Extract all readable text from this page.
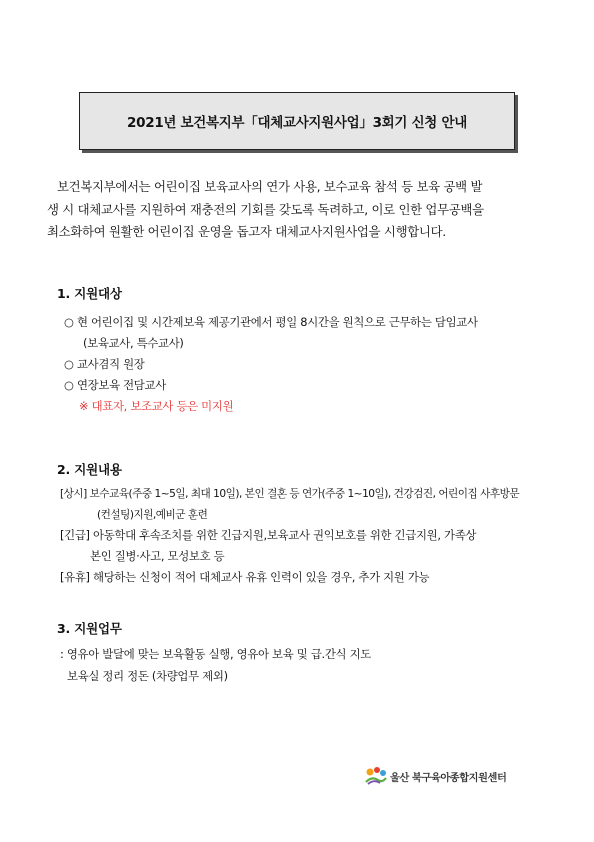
2021년 보건복지부「대체교사지원사업」3회기 신청 안내
보건복지부에서는 어린이집 보육교사의 연가 사용, 보수교육 참석 등 보육 공백 발
생 시 대체교사를 지원하여 재충전의 기회를 갖도록 독려하고, 이로 인한 업무공백을
최소화하여 원활한 어린이집 운영을 돕고자 대체교사지원사업을 시행합니다.
1. 지원대상
○ 현 어린이집 및 시간제보육 제공기관에서 평일 8시간을 원칙으로 근무하는 담임교사
(보육교사, 특수교사)
○ 교사겸직 원장
○ 연장보육 전담교사
※ 대표자, 보조교사 등은 미지원
2. 지원내용
[상시] 보수교육(주중 1~5일, 최대 10일), 본인 결혼 등 연가(주중 1~10일), 건강검진, 어린이집 사후방문
(컨설팅)지원,예비군 훈련
[긴급] 아동학대 후속조치를 위한 긴급지원,보육교사 권익보호를 위한 긴급지원, 가족상
본인 질병·사고, 모성보호 등
[유휴] 해당하는 신청이 적어 대체교사 유휴 인력이 있을 경우, 추가 지원 가능
3. 지원업무
: 영유아 발달에 맞는 보육활동 실행, 영유아 보육 및 급.간식 지도
보육실 정리 정돈 (차량업무 제외)
울산 북구육아종합지원센터
